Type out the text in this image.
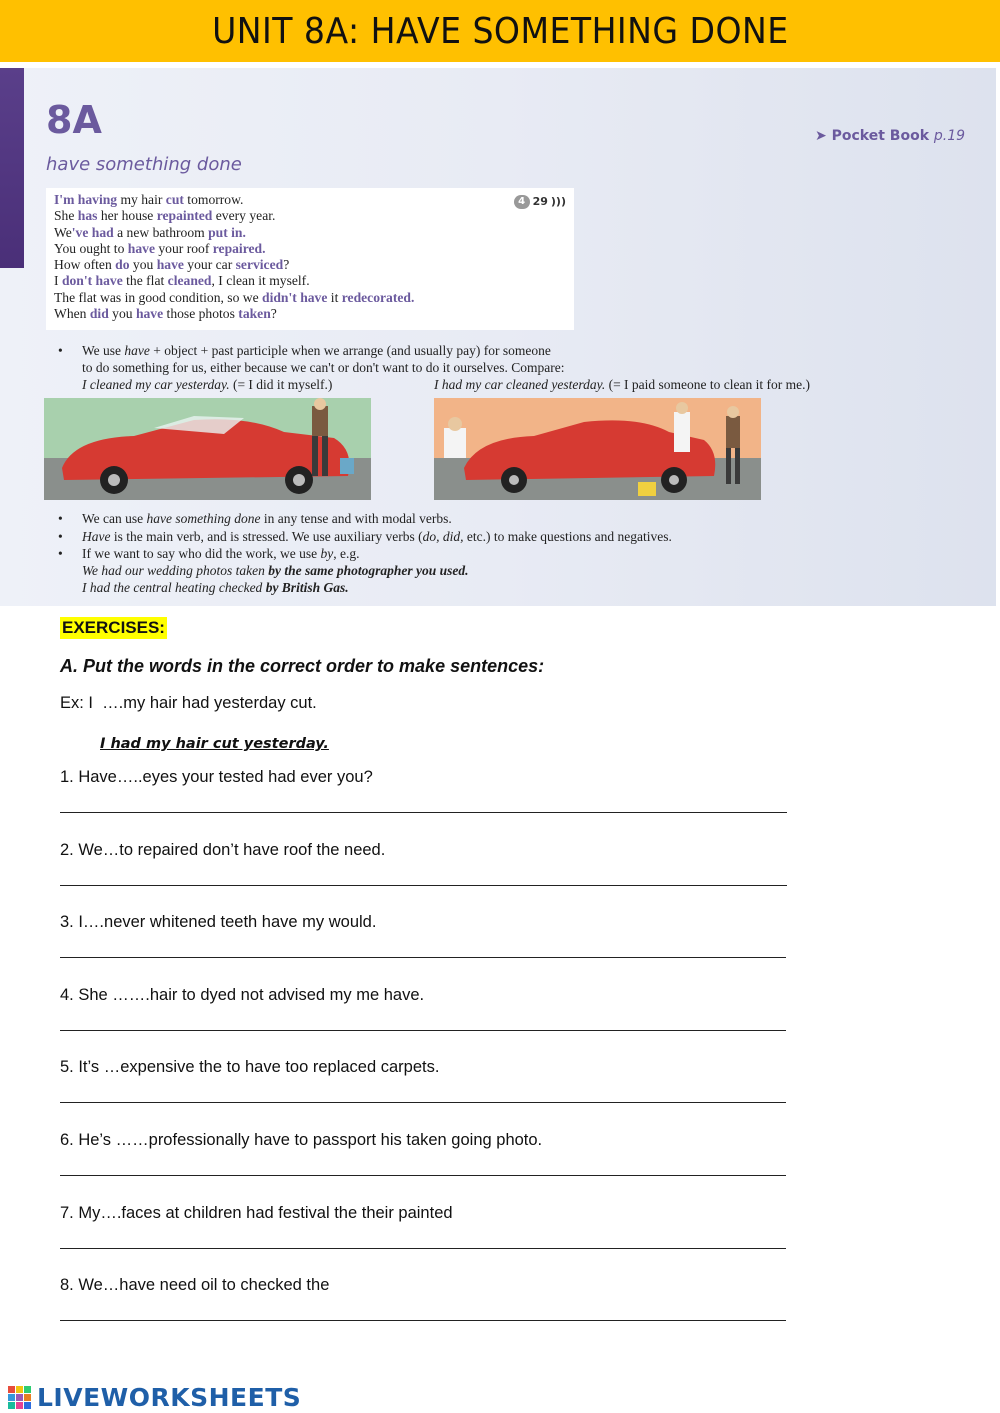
UNIT 8A: HAVE SOMETHING DONE
8A
have something done
➤ Pocket Book p.19
4 29 )))
I'm having my hair cut tomorrow.
She has her house repainted every year.
We've had a new bathroom put in.
You ought to have your roof repaired.
How often do you have your car serviced?
I don't have the flat cleaned, I clean it myself.
The flat was in good condition, so we didn't have it redecorated.
When did you have those photos taken?
• We use have + object + past participle when we arrange (and usually pay) for someone

to do something for us, either because we can't or don't want to do it ourselves. Compare:

I cleaned my car yesterday. (= I did it myself.)	I had my car cleaned yesterday. (= I paid someone to clean it for me.)
• We can use have something done in any tense and with modal verbs.

• Have is the main verb, and is stressed. We use auxiliary verbs (do, did, etc.) to make questions and negatives.

• If we want to say who did the work, we use by, e.g.

We had our wedding photos taken by the same photographer you used.

I had the central heating checked by British Gas.

EXERCISES:
A. Put the words in the correct order to make sentences:
Ex: I  ….my hair had yesterday cut.
I had my hair cut yesterday.
1. Have…..eyes your tested had ever you?
2. We…to repaired don’t have roof the need.
3. I….never whitened teeth have my would.
4. She …….hair to dyed not advised my me have.
5. It’s …expensive the to have too replaced carpets.
6. He’s ……professionally have to passport his taken going photo.
7. My….faces at children had festival the their painted
8. We…have need oil to checked the
LIVEWORKSHEETS
